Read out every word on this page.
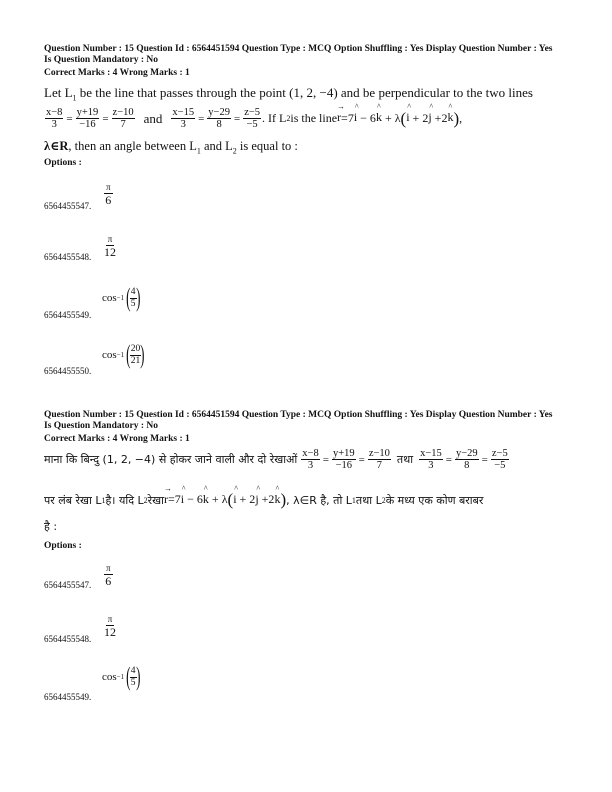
Question Number : 15 Question Id : 6564451594 Question Type : MCQ Option Shuffling : Yes Display Question Number : Yes
Is Question Mandatory : No
Correct Marks : 4 Wrong Marks : 1
Let $L_1$ be the line that passes through the point (1, 2, −4) and be perpendicular to the two lines
$\frac{x-8}{3} = \frac{y+19}{-16} = \frac{z-10}{7}$ and $\frac{x-15}{3} = \frac{y-29}{8} = \frac{z-5}{-5}$ . If L 2 is the line → r=7^ i − 6^ k + λ(^ i + 2^ j +2^ k),
λ∈R, then an angle between $L_1$ and $L_2$ is equal to :
Options :
6564455547.
π
6
6564455548.
π
12
6564455549.
cos −1 ( $\frac{4}{5}$ )
6564455550.
cos −1 ( $\frac{20}{21}$ )
Question Number : 15 Question Id : 6564451594 Question Type : MCQ Option Shuffling : Yes Display Question Number : Yes
Is Question Mandatory : No
Correct Marks : 4 Wrong Marks : 1
माना कि बिन्दु (1, 2, −4) से होकर जाने वाली और दो रेखाओं $\frac{x-8}{3} = \frac{y+19}{-16} = \frac{z-10}{7}$ तथा $\frac{x-15}{3} = \frac{y-29}{8} = \frac{z-5}{-5}$
पर लंब रेखा L 1 है। यदि L 2 रेखा → r=7^ i − 6^ k + λ(^ i + 2^ j +2^ k) , λ∈R है, तो L 1 तथा L 2 के मध्य एक कोण बराबर
है :
Options :
6564455547.
π
6
6564455548.
π
12
6564455549.
cos −1 ( $\frac{4}{5}$ )
